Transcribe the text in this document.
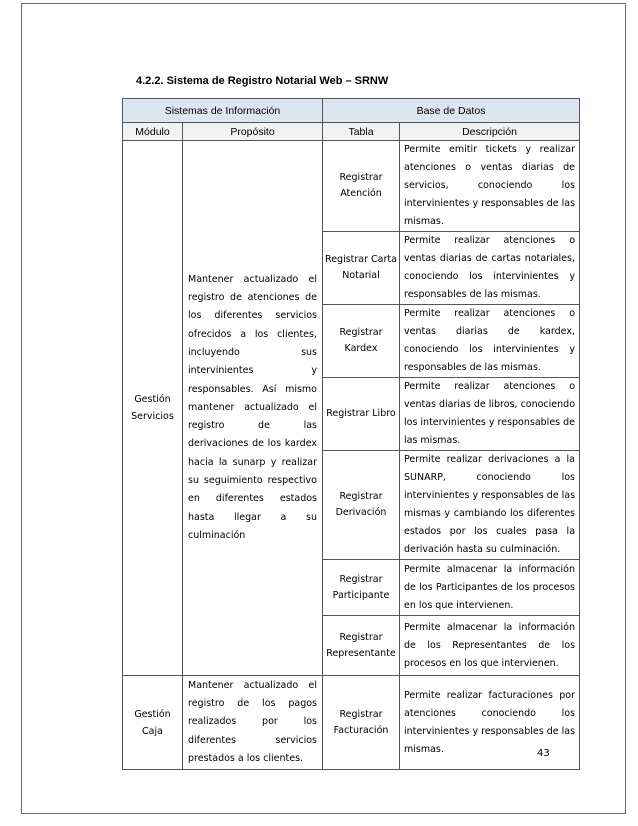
4.2.2. Sistema de Registro Notarial Web – SRNW
Sistemas de Información		Base de Datos	
Módulo	Propósito	Tabla	Descripción
Gestión Servicios	Mantener actualizado el registro de atenciones de los diferentes servicios ofrecidos a los clientes, incluyendo sus intervinientes y responsables. Así mismo mantener actualizado el registro de las derivaciones de los kardex hacia la sunarp y realizar su seguimiento respectivo en diferentes estados hasta llegar a su culminación	Registrar Atención	Permite emitir tickets y realizar atenciones o ventas diarias de servicios, conociendo los intervinientes y responsables de las mismas.
		Registrar Carta Notarial	Permite realizar atenciones o ventas diarias de cartas notariales, conociendo los intervinientes y responsables de las mismas.
		Registrar Kardex	Permite realizar atenciones o ventas diarias de kardex, conociendo los intervinientes y responsables de las mismas.
		Registrar Libro	Permite realizar atenciones o ventas diarias de libros, conociendo los intervinientes y responsables de las mismas.
		Registrar Derivación	Permite realizar derivaciones a la SUNARP, conociendo los intervinientes y responsables de las mismas y cambiando los diferentes estados por los cuales pasa la derivación hasta su culminación.
		Registrar Participante	Permite almacenar la información de los Participantes de los procesos en los que intervienen.
		Registrar Representante	Permite almacenar la información de los Representantes de los procesos en los que intervienen.
Gestión Caja	Mantener actualizado el registro de los pagos realizados por los diferentes servicios prestados a los clientes.	Registrar Facturación	Permite realizar facturaciones por atenciones conociendo los intervinientes y responsables de las mismas.	43
